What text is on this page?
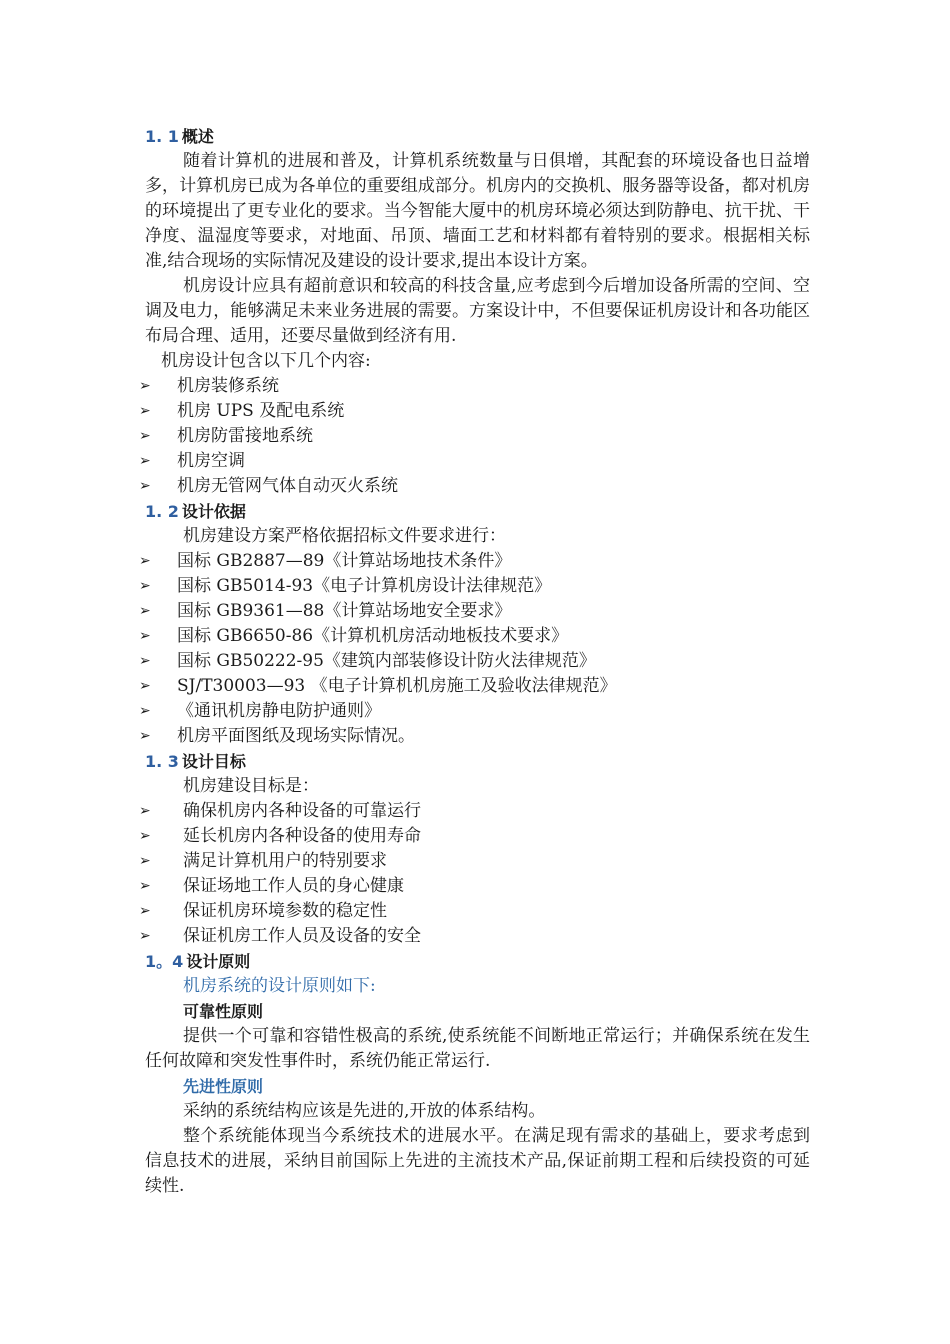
1. 1 概述
随着计算机的进展和普及，计算机系统数量与日俱增，其配套的环境设备也日益增多，计算机房已成为各单位的重要组成部分。机房内的交换机、服务器等设备，都对机房的环境提出了更专业化的要求。当今智能大厦中的机房环境必须达到防静电、抗干扰、干净度、温湿度等要求，对地面、吊顶、墙面工艺和材料都有着特别的要求。根据相关标准,结合现场的实际情况及建设的设计要求,提出本设计方案。
机房设计应具有超前意识和较高的科技含量,应考虑到今后增加设备所需的空间、空调及电力，能够满足未来业务进展的需要。方案设计中，不但要保证机房设计和各功能区布局合理、适用，还要尽量做到经济有用.
机房设计包含以下几个内容:
➢ 机房装修系统
➢ 机房 UPS 及配电系统
➢ 机房防雷接地系统
➢ 机房空调
➢ 机房无管网气体自动灭火系统
1. 2 设计依据
机房建设方案严格依据招标文件要求进行：
➢ 国标 GB2887—89《计算站场地技术条件》
➢ 国标 GB5014-93《电子计算机房设计法律规范》
➢ 国标 GB9361—88《计算站场地安全要求》
➢ 国标 GB6650-86《计算机机房活动地板技术要求》
➢ 国标 GB50222-95《建筑内部装修设计防火法律规范》
➢ SJ/T30003—93 《电子计算机机房施工及验收法律规范》
➢ 《通讯机房静电防护通则》
➢ 机房平面图纸及现场实际情况。
1. 3 设计目标
机房建设目标是：
➢ 确保机房内各种设备的可靠运行
➢ 延长机房内各种设备的使用寿命
➢ 满足计算机用户的特别要求
➢ 保证场地工作人员的身心健康
➢ 保证机房环境参数的稳定性
➢ 保证机房工作人员及设备的安全
1。4 设计原则
机房系统的设计原则如下:
可靠性原则
提供一个可靠和容错性极高的系统,使系统能不间断地正常运行；并确保系统在发生任何故障和突发性事件时，系统仍能正常运行.
先进性原则
采纳的系统结构应该是先进的,开放的体系结构。
整个系统能体现当今系统技术的进展水平。在满足现有需求的基础上，要求考虑到信息技术的进展，采纳目前国际上先进的主流技术产品,保证前期工程和后续投资的可延续性.
